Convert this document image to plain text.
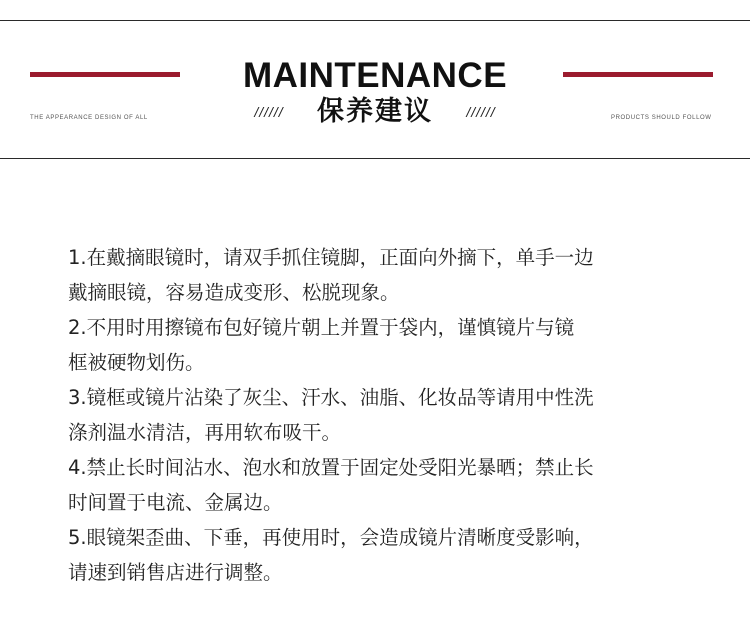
THE APPEARANCE DESIGN OF ALL	PRODUCTS SHOULD FOLLOW
MAINTENANCE
//////	保养建议	//////

1.在戴摘眼镜时，请双手抓住镜脚，正面向外摘下，单手一边

戴摘眼镜，容易造成变形、松脱现象。

2.不用时用擦镜布包好镜片朝上并置于袋内，谨慎镜片与镜

框被硬物划伤。

3.镜框或镜片沾染了灰尘、汗水、油脂、化妆品等请用中性洗

涤剂温水清洁，再用软布吸干。

4.禁止长时间沾水、泡水和放置于固定处受阳光暴晒；禁止长

时间置于电流、金属边。

5.眼镜架歪曲、下垂，再使用时，会造成镜片清晰度受影响，

请速到销售店进行调整。
